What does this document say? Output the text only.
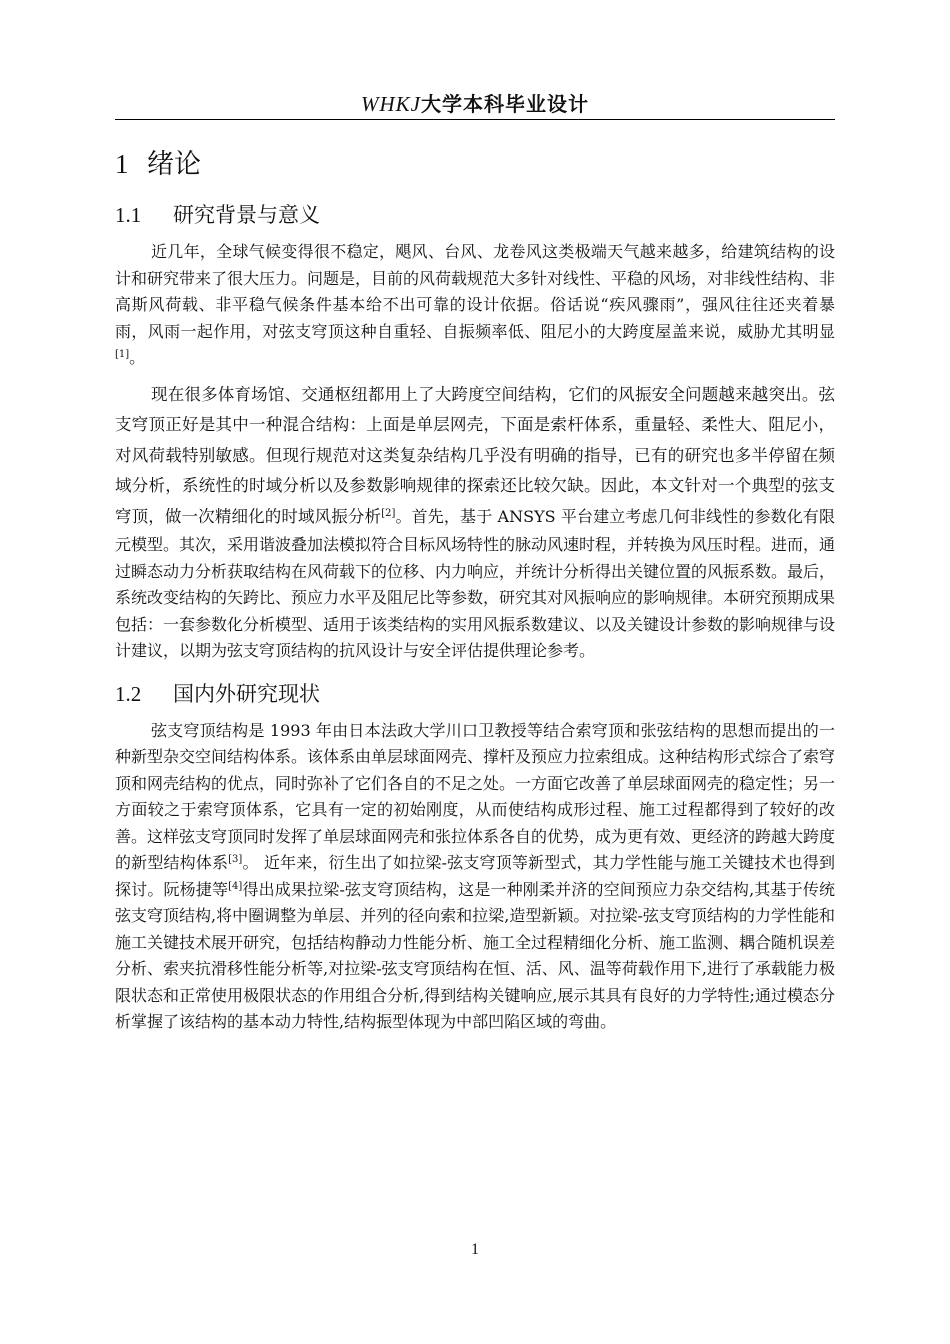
WHKJ大学本科毕业设计
1 绪论
1.1 研究背景与意义

近几年，全球气候变得很不稳定，飓风、台风、龙卷风这类极端天气越来越多，给建筑结构的设计和研究带来了很大压力。问题是，目前的风荷载规范大多针对线性、平稳的风场，对非线性结构、非高斯风荷载、非平稳气候条件基本给不出可靠的设计依据。俗话说“疾风骤雨”，强风往往还夹着暴雨，风雨一起作用，对弦支穹顶这种自重轻、自振频率低、阻尼小的大跨度屋盖来说，威胁尤其明显[1]。

现在很多体育场馆、交通枢纽都用上了大跨度空间结构，它们的风振安全问题越来越突出。弦支穹顶正好是其中一种混合结构：上面是单层网壳，下面是索杆体系，重量轻、柔性大、阻尼小，对风荷载特别敏感。但现行规范对这类复杂结构几乎没有明确的指导，已有的研究也多半停留在频域分析，系统性的时域分析以及参数影响规律的探索还比较欠缺。因此，本文针对一个典型的弦支穹顶，做一次精细化的时域风振分析[2]。首先，基于 ANSYS 平台建立考虑几何非线性的参数化有限元模型。其次，采用谐波叠加法模拟符合目标风场特性的脉动风速时程，并转换为风压时程。进而，通过瞬态动力分析获取结构在风荷载下的位移、内力响应，并统计分析得出关键位置的风振系数。最后，系统改变结构的矢跨比、预应力水平及阻尼比等参数，研究其对风振响应的影响规律。本研究预期成果包括：一套参数化分析模型、适用于该类结构的实用风振系数建议、以及关键设计参数的影响规律与设计建议，以期为弦支穹顶结构的抗风设计与安全评估提供理论参考。

1.2 国内外研究现状

弦支穹顶结构是 1993 年由日本法政大学川口卫教授等结合索穹顶和张弦结构的思想而提出的一种新型杂交空间结构体系。该体系由单层球面网壳、撑杆及预应力拉索组成。这种结构形式综合了索穹顶和网壳结构的优点，同时弥补了它们各自的不足之处。一方面它改善了单层球面网壳的稳定性；另一方面较之于索穹顶体系，它具有一定的初始刚度，从而使结构成形过程、施工过程都得到了较好的改善。这样弦支穹顶同时发挥了单层球面网壳和张拉体系各自的优势，成为更有效、更经济的跨越大跨度的新型结构体系[3]。 近年来，衍生出了如拉梁-弦支穹顶等新型式，其力学性能与施工关键技术也得到探讨。阮杨捷等[4]得出成果拉梁-弦支穹顶结构，这是一种刚柔并济的空间预应力杂交结构,其基于传统弦支穹顶结构,将中圈调整为单层、并列的径向索和拉梁,造型新颖。对拉梁-弦支穹顶结构的力学性能和施工关键技术展开研究，包括结构静动力性能分析、施工全过程精细化分析、施工监测、耦合随机误差分析、索夹抗滑移性能分析等,对拉梁-弦支穹顶结构在恒、活、风、温等荷载作用下,进行了承载能力极限状态和正常使用极限状态的作用组合分析,得到结构关键响应,展示其具有良好的力学特性;通过模态分析掌握了该结构的基本动力特性,结构振型体现为中部凹陷区域的弯曲。

1
